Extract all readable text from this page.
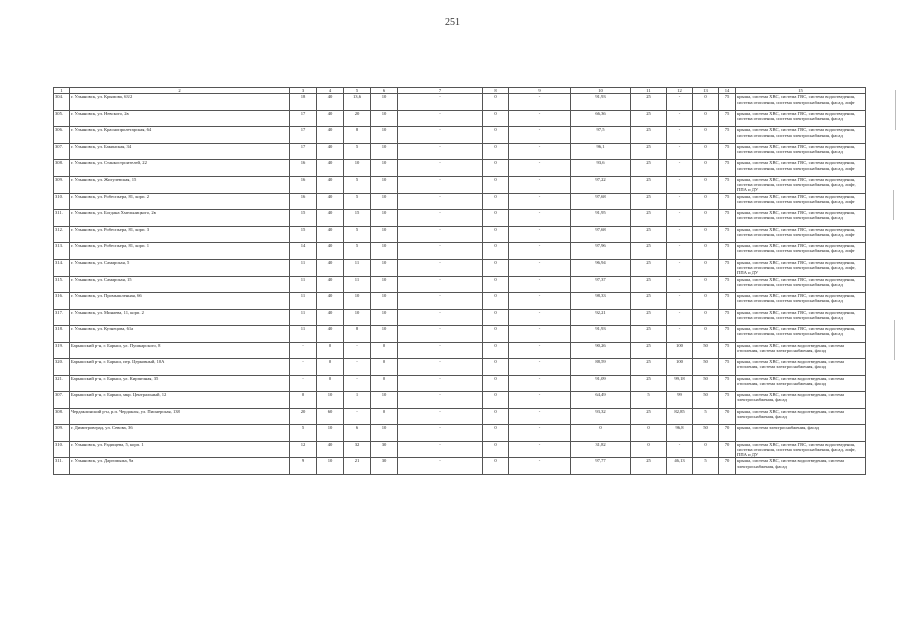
251
1	2	3	4	5	6	7	8	9	10	11	12	13	14	15
304.	г. Ульяновск, ул. Крымова, 63/2	18	40	13,6	10	-	0	-	91,93	25	-	0	75	крыша, система ХВС, система ГВС, система водоотведения, система отопления, система электроснабжения, фасад, лифт
305.	г. Ульяновск, ул. Невского, 2в	17	40	20	10	-	0	-	66,36	25	-	0	75	крыша, система ХВС, система ГВС, система водоотведения, система отопления, система электроснабжения, фасад
306.	г. Ульяновск, ул. Краснопролетарская, 64	17	40	8	10	-	0	-	97,5	25	-	0	75	крыша, система ХВС, система ГВС, система водоотведения, система отопления, система электроснабжения, фасад
307.	г. Ульяновск, ул. Бакинская, 34	17	40	5	10	-	0	-	96,1	25	-	0	75	крыша, система ХВС, система ГВС, система водоотведения, система отопления, система электроснабжения, фасад
308.	г. Ульяновск, ул. Станкостроителей, 22	16	40	10	10	-	0	-	93,6	25	-	0	75	крыша, система ХВС, система ГВС, система водоотведения, система отопления, система электроснабжения, фасад, лифт
309.	г. Ульяновск, ул. Жигулевская, 15	16	40	5	10	-	0	-	97,22	25	-	0	75	крыша, система ХВС, система ГВС, система водоотведения, система отопления, система электроснабжения, фасад, лифт, ППА и ДУ
310.	г. Ульяновск, ул. Робеспьера, 81, корп. 2	16	40	5	10	-	0	-	97,68	25	-	0	75	крыша, система ХВС, система ГВС, система водоотведения, система отопления, система электроснабжения, фасад, лифт
311.	г. Ульяновск, ул. Богдана Хмельницкого, 2в	15	40	15	10	-	0	-	91,95	25	-	0	75	крыша, система ХВС, система ГВС, система водоотведения, система отопления, система электроснабжения, фасад
312.	г. Ульяновск, ул. Робеспьера, 81, корп. 3	15	40	5	10	-	0	-	97,68	25	-	0	75	крыша, система ХВС, система ГВС, система водоотведения, система отопления, система электроснабжения, фасад, лифт
313.	г. Ульяновск, ул. Робеспьера, 81, корп. 1	14	40	5	10	-	0	-	97,96	25	-	0	75	крыша, система ХВС, система ГВС, система водоотведения, система отопления, система электроснабжения, фасад, лифт
314.	г. Ульяновск, ул. Самарская, 5	11	40	11	10	-	0	-	96,94	25	-	0	75	крыша, система ХВС, система ГВС, система водоотведения, система отопления, система электроснабжения, фасад, лифт, ППА и ДУ
315.	г. Ульяновск, ул. Самарская, 15	11	40	11	10	-	0	-	97,37	25	-	0	75	крыша, система ХВС, система ГВС, система водоотведения, система отопления, система электроснабжения, фасад
316.	г. Ульяновск, ул. Промышленная, 66	11	40	10	10	-	0	-	98,33	25	-	0	75	крыша, система ХВС, система ГВС, система водоотведения, система отопления, система электроснабжения, фасад
317.	г. Ульяновск, ул. Минаева, 11, корп. 2	11	40	10	10	-	0	-	92,21	25	-	0	75	крыша, система ХВС, система ГВС, система водоотведения, система отопления, система электроснабжения, фасад
318.	г. Ульяновск, ул. Кузнецова, 61а	11	40	8	10	-	0	-	91,93	25	-	0	75	крыша, система ХВС, система ГВС, система водоотведения, система отопления, система электроснабжения, фасад
319.	Барышский р-н, г. Барыш, ул. Пушкарского, 8	-	0	-	0	-	0	-	90,26	25	100	50	75	крыша, система ХВС, система водоотведения, система отопления, система электроснабжения, фасад
320.	Барышский р-н, г. Барыш, пер. Церковный, 10А	-	0	-	0	-	0	-	88,59	25	100	50	75	крыша, система ХВС, система водоотведения, система отопления, система электроснабжения, фасад
321.	Барышский р-н, г. Барыш, ул. Кирпичная, 35	-	0	-	0	-	0	-	91,09	25	99,18	50	75	крыша, система ХВС, система водоотведения, система отопления, система электроснабжения, фасад
307.	Барышский р-н, г. Барыш, мкр. Центральный, 12	0	10	1	10	-	0	-	64,49	5	99	50	75	крыша, система ХВС, система водоотведения, система электроснабжения, фасад
308.	Чердаклинский р-н, р.п. Чердаклы, ул. Пионерская, 138	20	60	-	0	-	0	-	93,32	25	82,85	5	70	крыша, система ХВС, система водоотведения, система электроснабжения, фасад
309.	г. Димитровград, ул. Севова, 36	5	10	6	10	-	0	-	0	0	96,8	50	70	крыша, система электроснабжения, фасад
310.	г. Ульяновск, ул. Радищева, 5, корп. 1	12	40	32	30	-	0	-	31,82	0	-	0	70	крыша, система ХВС, система ГВС, система водоотведения, система отопления, система электроснабжения, фасад, лифт, ППА и ДУ
311.	г. Ульяновск, ул. Даргомыжа, 9а	9	10	21	30	-	0	-	97,77	25	46,13	5	70	крыша, система ХВС, система водоотведения, система электроснабжения, фасад
